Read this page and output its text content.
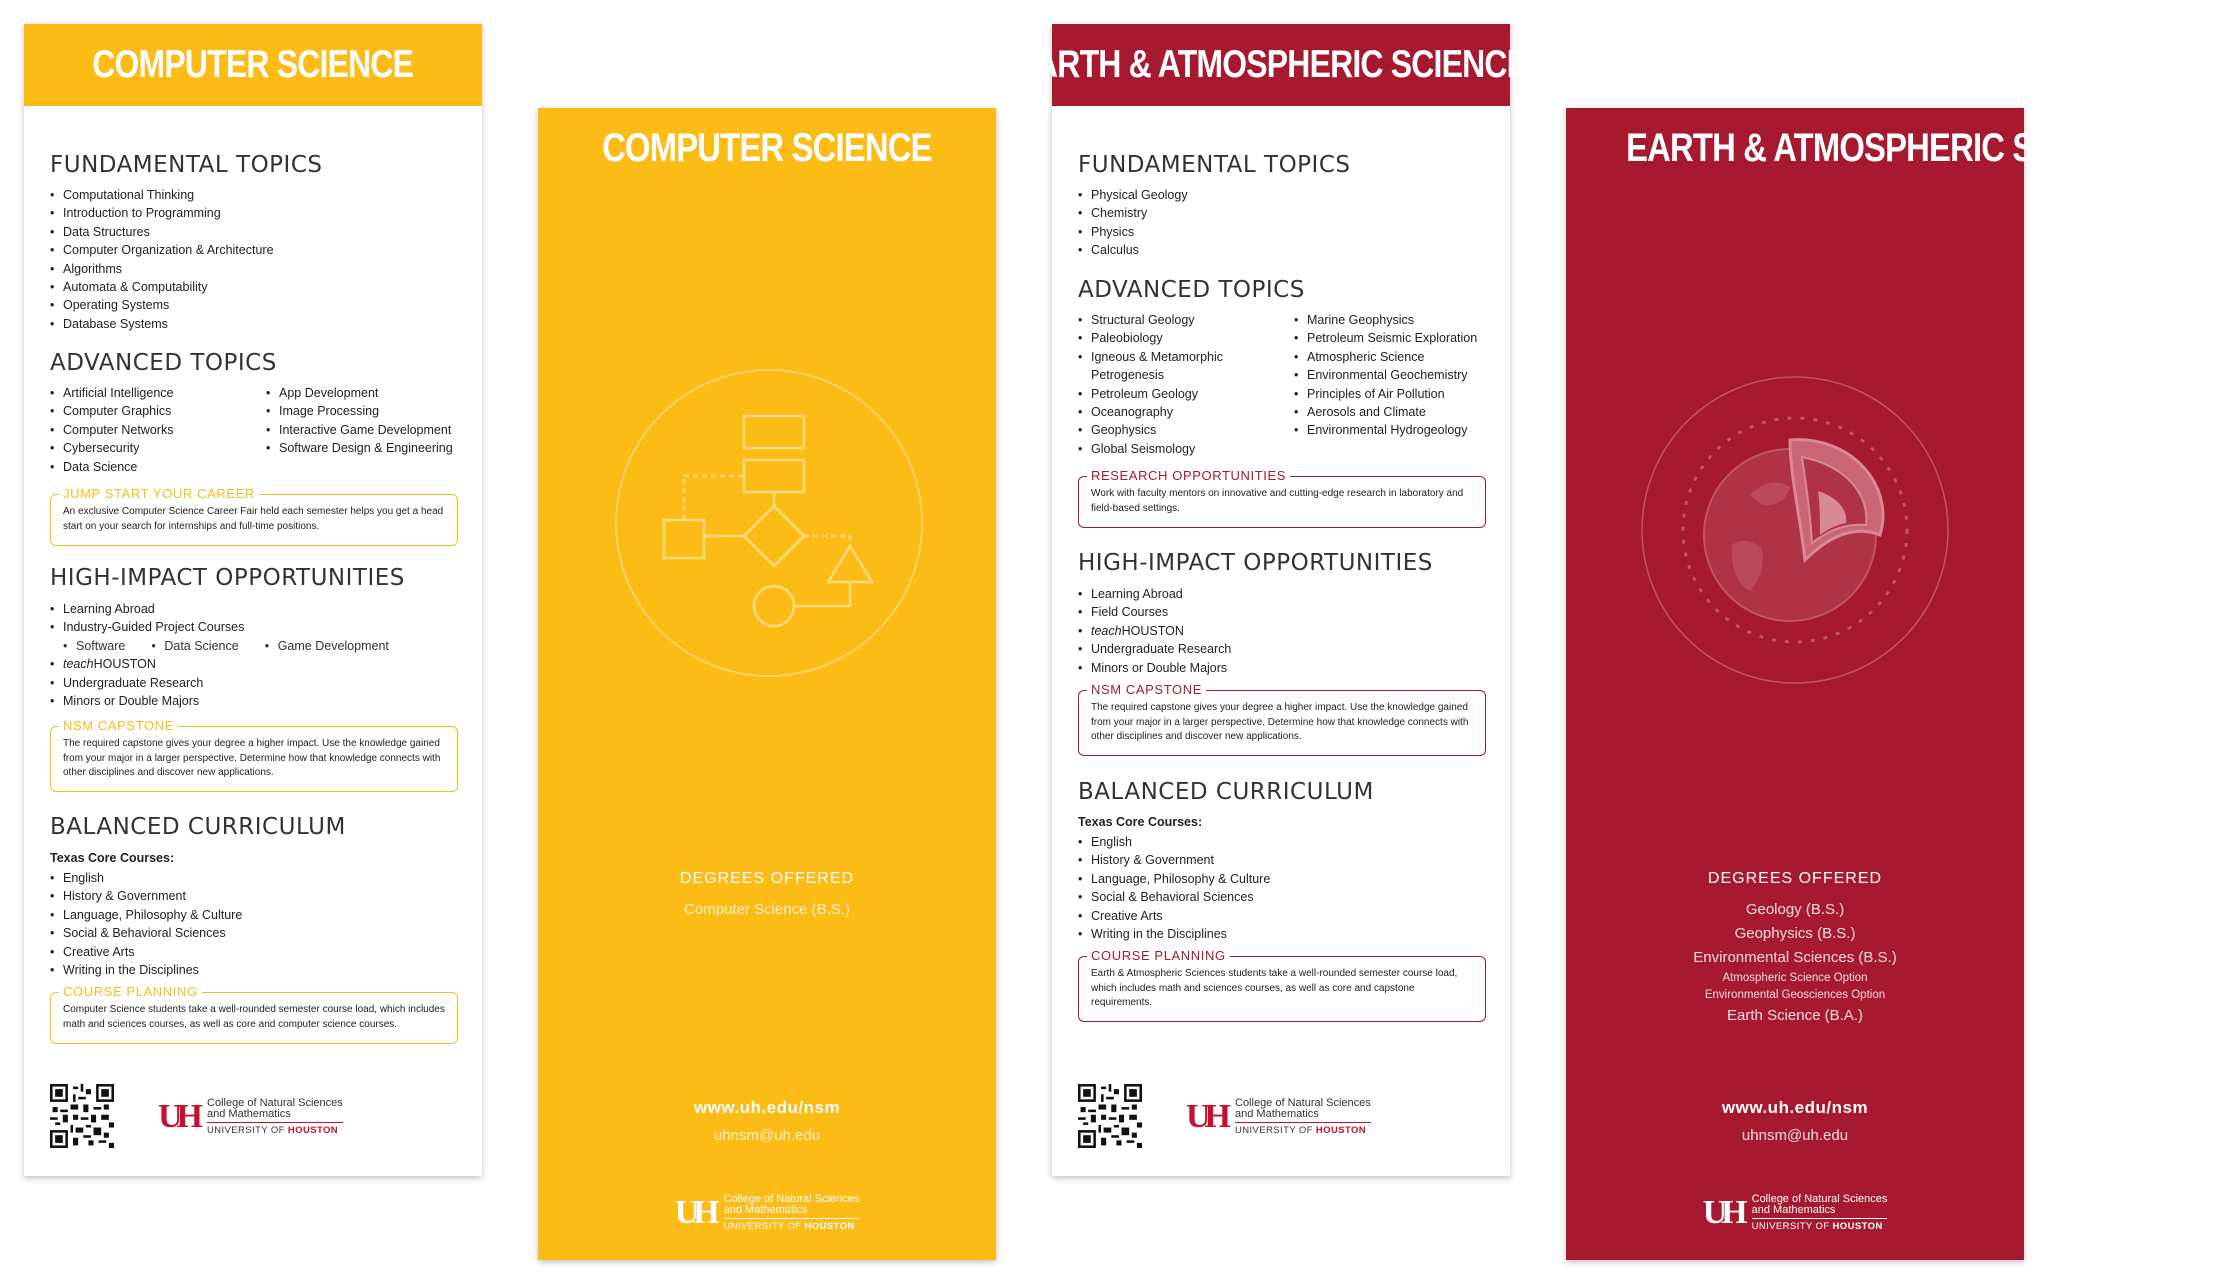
COMPUTER SCIENCE
FUNDAMENTAL TOPICS
• Computational Thinking
• Introduction to Programming
• Data Structures
• Computer Organization & Architecture
• Algorithms
• Automata & Computability
• Operating Systems
• Database Systems
ADVANCED TOPICS
• Artificial Intelligence
• Computer Graphics
• Computer Networks
• Cybersecurity
• Data Science
• App Development
• Image Processing
• Interactive Game Development
• Software Design & Engineering
JUMP START YOUR CAREER
An exclusive Computer Science Career Fair held each semester helps you get a head start on your search for internships and full-time positions.
HIGH-IMPACT OPPORTUNITIES
• Learning Abroad
• Industry-Guided Project Courses
• Software	• Data Science	• Game Development
• teachHOUSTON
• Undergraduate Research
• Minors or Double Majors
NSM CAPSTONE
The required capstone gives your degree a higher impact. Use the knowledge gained from your major in a larger perspective. Determine how that knowledge connects with other disciplines and discover new applications.
BALANCED CURRICULUM
Texas Core Courses:
• English
• History & Government
• Language, Philosophy & Culture
• Social & Behavioral Sciences
• Creative Arts
• Writing in the Disciplines
COURSE PLANNING
Computer Science students take a well-rounded semester course load, which includes math and sciences courses, as well as core and computer science courses.
UH College of Natural Sciences
and Mathematics
UNIVERSITY OF HOUSTON
COMPUTER SCIENCE
DEGREES OFFERED
Computer Science (B.S.)
www.uh.edu/nsm
uhnsm@uh.edu
UH College of Natural Sciences
and Mathematics
UNIVERSITY OF HOUSTON
EARTH & ATMOSPHERIC SCIENCES
FUNDAMENTAL TOPICS
• Physical Geology
• Chemistry
• Physics
• Calculus
ADVANCED TOPICS
• Structural Geology
• Paleobiology
• Igneous & Metamorphic
Petrogenesis
• Petroleum Geology
• Oceanography
• Geophysics
• Global Seismology
• Marine Geophysics
• Petroleum Seismic Exploration
• Atmospheric Science
• Environmental Geochemistry
• Principles of Air Pollution
• Aerosols and Climate
• Environmental Hydrogeology
RESEARCH OPPORTUNITIES
Work with faculty mentors on innovative and cutting-edge research in laboratory and field-based settings.
HIGH-IMPACT OPPORTUNITIES
• Learning Abroad
• Field Courses
• teachHOUSTON
• Undergraduate Research
• Minors or Double Majors
NSM CAPSTONE
The required capstone gives your degree a higher impact. Use the knowledge gained from your major in a larger perspective. Determine how that knowledge connects with other disciplines and discover new applications.
BALANCED CURRICULUM
Texas Core Courses:
• English
• History & Government
• Language, Philosophy & Culture
• Social & Behavioral Sciences
• Creative Arts
• Writing in the Disciplines
COURSE PLANNING
Earth & Atmospheric Sciences students take a well-rounded semester course load, which includes math and sciences courses, as well as core and capstone requirements.
UH College of Natural Sciences
and Mathematics
UNIVERSITY OF HOUSTON
EARTH & ATMOSPHERIC SCIENCES
DEGREES OFFERED
Geology (B.S.)
Geophysics (B.S.)
Environmental Sciences (B.S.)
Atmospheric Science Option
Environmental Geosciences Option
Earth Science (B.A.)
www.uh.edu/nsm
uhnsm@uh.edu
UH College of Natural Sciences
and Mathematics
UNIVERSITY OF HOUSTON
